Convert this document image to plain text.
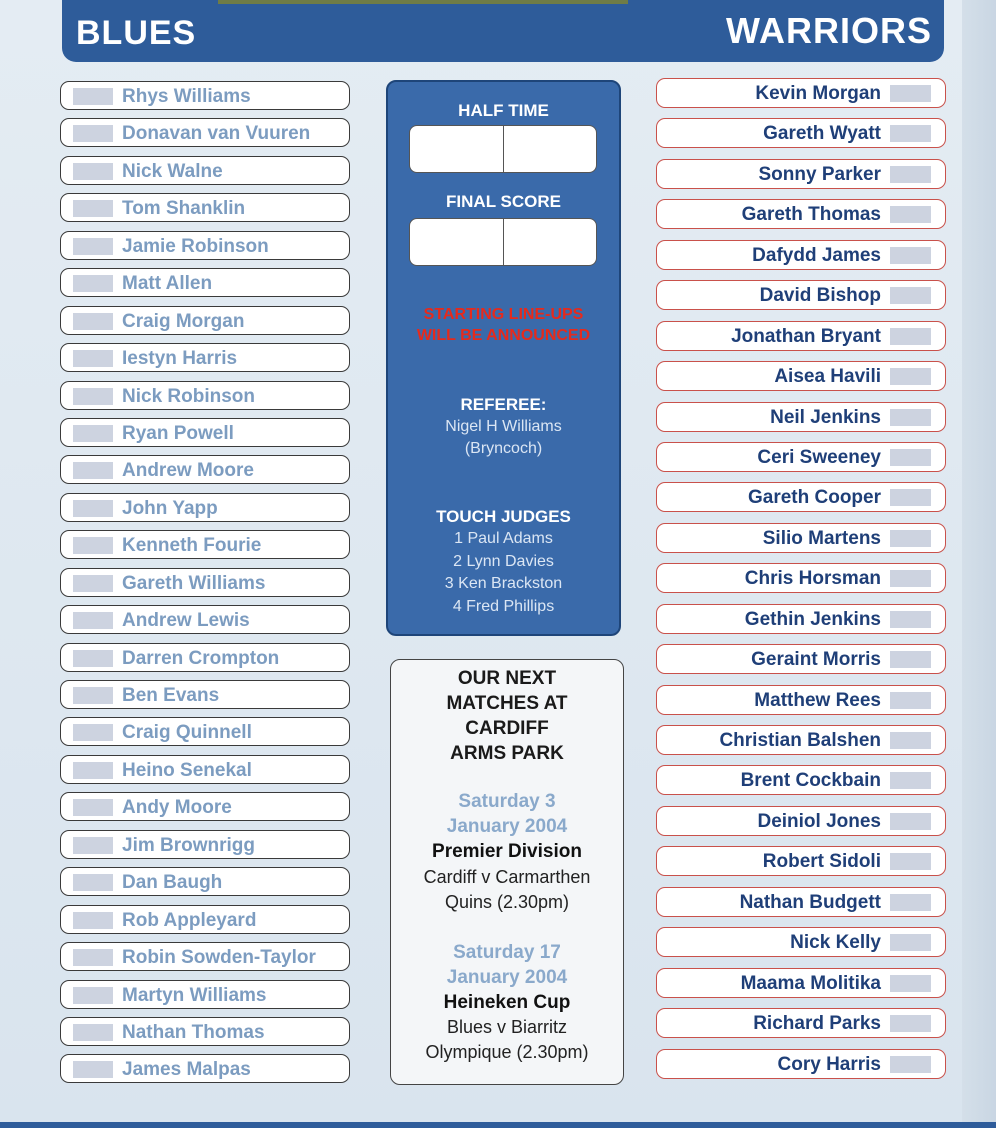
BLUES	WARRIORS
Rhys Williams
Donavan van Vuuren
Nick Walne
Tom Shanklin
Jamie Robinson
Matt Allen
Craig Morgan
Iestyn Harris
Nick Robinson
Ryan Powell
Andrew Moore
John Yapp
Kenneth Fourie
Gareth Williams
Andrew Lewis
Darren Crompton
Ben Evans
Craig Quinnell
Heino Senekal
Andy Moore
Jim Brownrigg
Dan Baugh
Rob Appleyard
Robin Sowden-Taylor
Martyn Williams
Nathan Thomas
James Malpas
Kevin Morgan
Gareth Wyatt
Sonny Parker
Gareth Thomas
Dafydd James
David Bishop
Jonathan Bryant
Aisea Havili
Neil Jenkins
Ceri Sweeney
Gareth Cooper
Silio Martens
Chris Horsman
Gethin Jenkins
Geraint Morris
Matthew Rees
Christian Balshen
Brent Cockbain
Deiniol Jones
Robert Sidoli
Nathan Budgett
Nick Kelly
Maama Molitika
Richard Parks
Cory Harris
HALF TIME
FINAL SCORE
STARTING LINE-UPS
WILL BE ANNOUNCED
REFEREE:
Nigel H Williams
(Bryncoch)
TOUCH JUDGES
1 Paul Adams
2 Lynn Davies
3 Ken Brackston
4 Fred Phillips
OUR NEXT
MATCHES AT
CARDIFF
ARMS PARK
Saturday 3
January 2004
Premier Division
Cardiff v Carmarthen
Quins (2.30pm)
Saturday 17
January 2004
Heineken Cup
Blues v Biarritz
Olympique (2.30pm)
